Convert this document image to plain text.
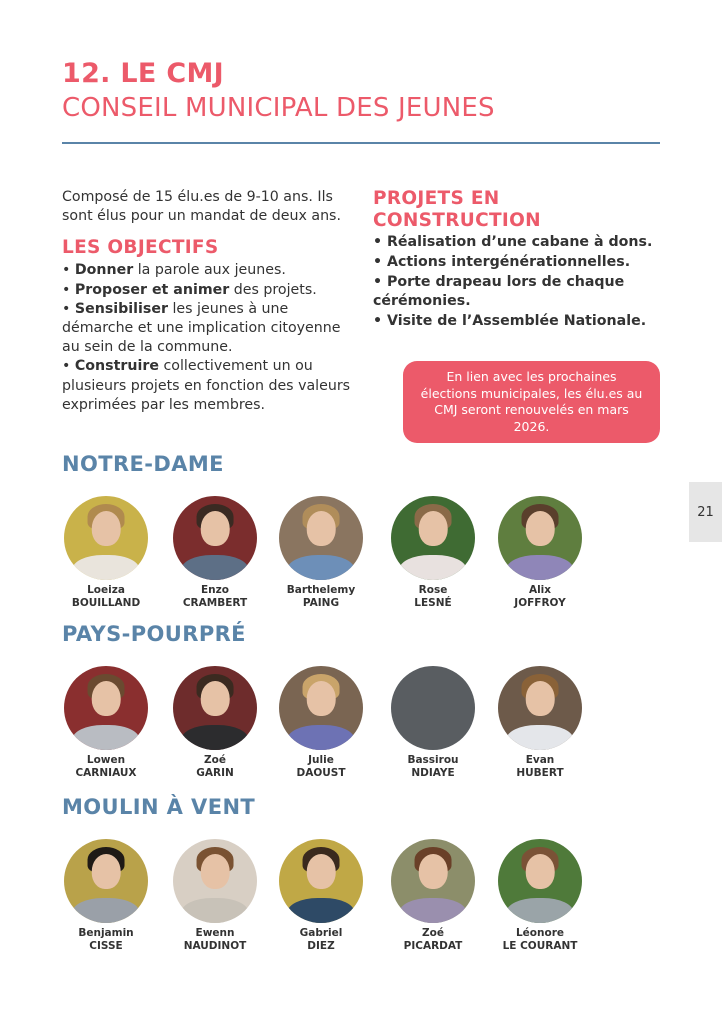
12. LE CMJ
CONSEIL MUNICIPAL DES JEUNES
21

Composé de 15 élu.es de 9-10 ans. Ils sont élus pour un mandat de deux ans.

LES OBJECTIFS

• Donner la parole aux jeunes.

• Proposer et animer des projets.

• Sensibiliser les jeunes à une démarche et une implication citoyenne au sein de la commune.

• Construire collectivement un ou plusieurs projets en fonction des valeurs exprimées par les membres.

PROJETS EN CONSTRUCTION
• Réalisation d’une cabane à dons.
• Actions intergénérationnelles.
• Porte drapeau lors de chaque cérémonies.
• Visite de l’Assemblée Nationale.
En lien avec les prochaines élections municipales, les élu.es au CMJ seront renouvelés en mars 2026.
NOTRE-DAME
Loeiza
BOUILLAND
Enzo
CRAMBERT
Barthelemy
PAING
Rose
LESNÉ
Alix
JOFFROY
PAYS-POURPRÉ
Lowen
CARNIAUX
Zoé
GARIN
Julie
DAOUST
Bassirou
NDIAYE
Evan
HUBERT
MOULIN À VENT
Benjamin
CISSE
Ewenn
NAUDINOT
Gabriel
DIEZ
Zoé
PICARDAT
Léonore
LE COURANT
